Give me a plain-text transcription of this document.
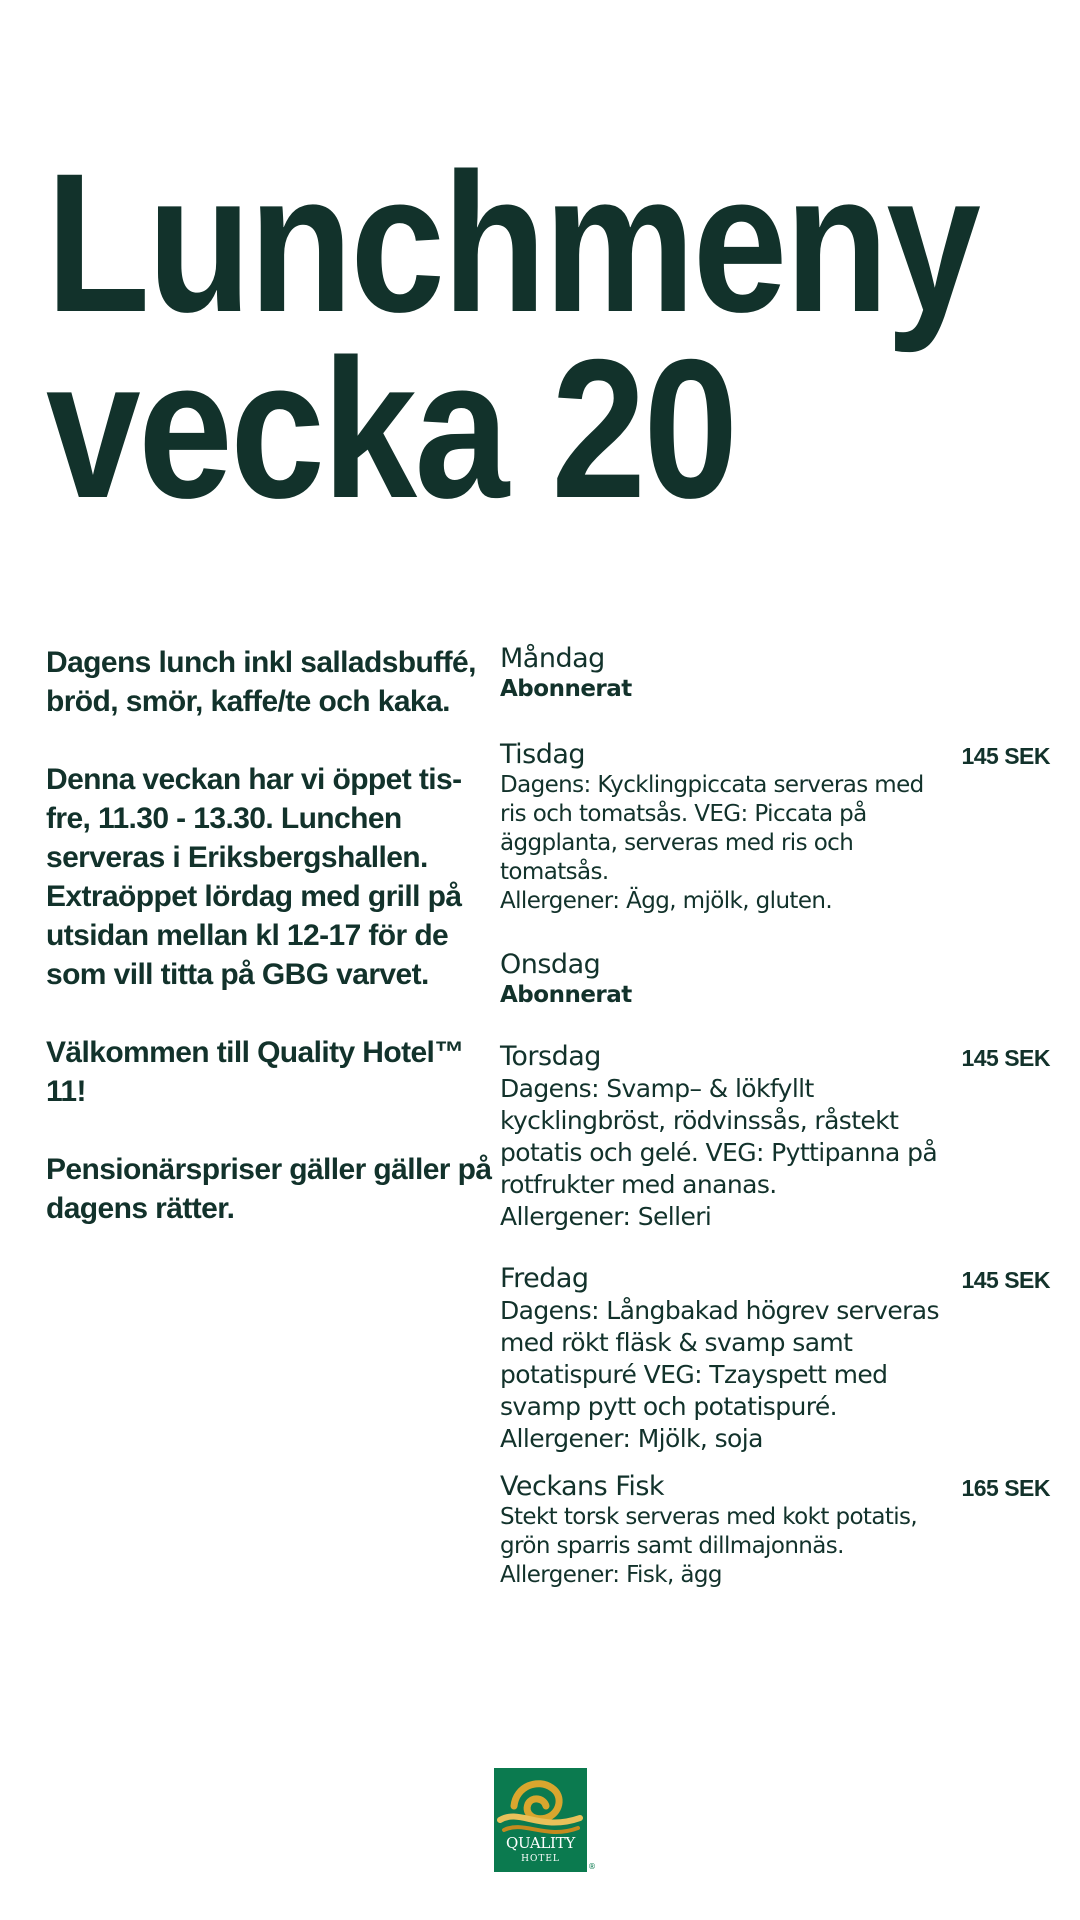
Lunchmeny
vecka 20

Dagens lunch inkl salladsbuffé, bröd, smör, kaffe/te och kaka.

Denna veckan har vi öppet tis- fre, 11.30 - 13.30. Lunchen serveras i Eriksbergshallen. Extraöppet lördag med grill på utsidan mellan kl 12-17 för de som vill titta på GBG varvet.

Välkommen till Quality Hotel™ 11!

Pensionärspriser gäller gäller på dagens rätter.

Måndag
Abonnerat
Tisdag	145 SEK
Dagens: Kycklingpiccata serveras med ris och tomatsås. VEG: Piccata på äggplanta, serveras med ris och tomatsås.
Allergener: Ägg, mjölk, gluten.
Onsdag
Abonnerat
Torsdag	145 SEK
Dagens: Svamp– & lökfyllt kycklingbröst, rödvinssås, råstekt potatis och gelé. VEG: Pyttipanna på rotfrukter med ananas.
Allergener: Selleri
Fredag	145 SEK
Dagens: Långbakad högrev serveras med rökt fläsk & svamp samt potatispuré VEG: Tzayspett med svamp pytt och potatispuré.
Allergener: Mjölk, soja
Veckans Fisk	165 SEK
Stekt torsk serveras med kokt potatis, grön sparris samt dillmajonnäs.
Allergener: Fisk, ägg
QUALITY
HOTEL
®
